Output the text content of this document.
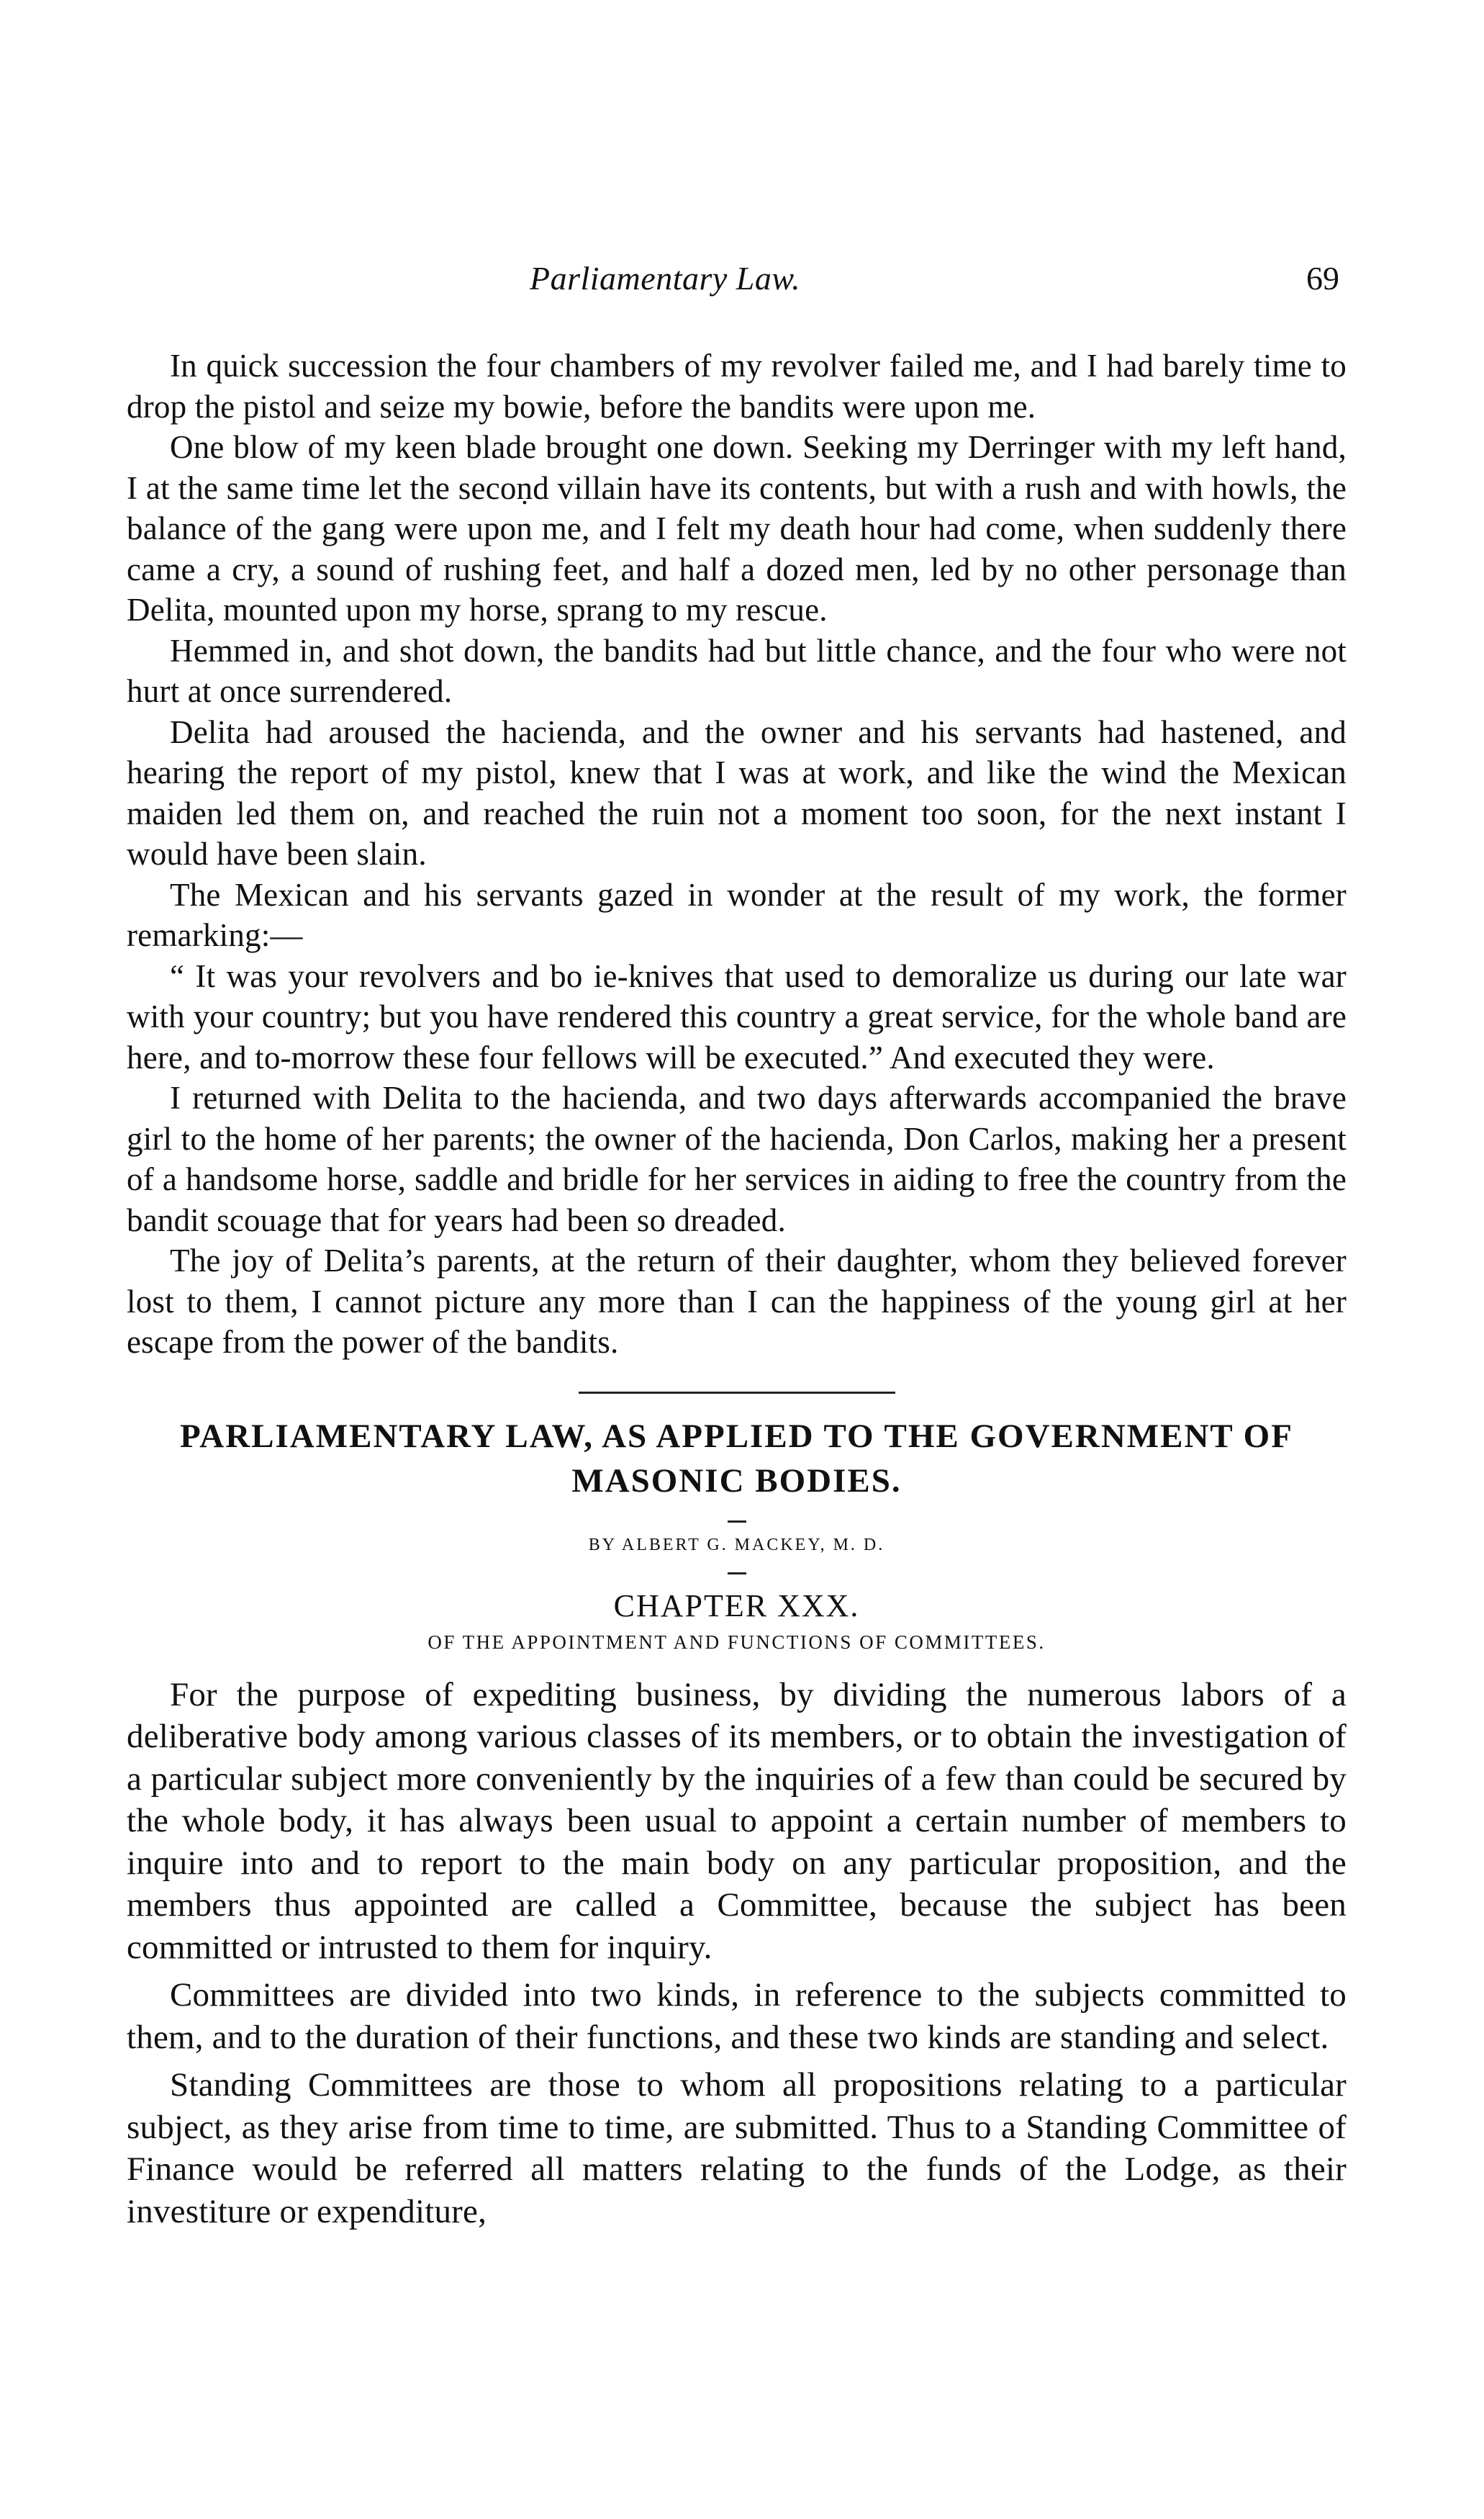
Parliamentary Law.	69

In quick succession the four chambers of my revolver failed me, and I had barely time to drop the pistol and seize my bowie, before the bandits were upon me.

One blow of my keen blade brought one down. Seeking my Derringer with my left hand, I at the same time let the secoṇd villain have its contents, but with a rush and with howls, the balance of the gang were upon me, and I felt my death hour had come, when suddenly there came a cry, a sound of rushing feet, and half a dozed men, led by no other personage than Delita, mounted upon my horse, sprang to my rescue.

Hemmed in, and shot down, the bandits had but little chance, and the four who were not hurt at once surrendered.

Delita had aroused the hacienda, and the owner and his servants had hastened, and hearing the report of my pistol, knew that I was at work, and like the wind the Mexican maiden led them on, and reached the ruin not a moment too soon, for the next instant I would have been slain.

The Mexican and his servants gazed in wonder at the result of my work, the former remarking:—

“ It was your revolvers and bo ie-knives that used to demoralize us during our late war with your country; but you have rendered this country a great service, for the whole band are here, and to-morrow these four fellows will be executed.” And executed they were.

I returned with Delita to the hacienda, and two days afterwards accompanied the brave girl to the home of her parents; the owner of the hacienda, Don Carlos, making her a present of a handsome horse, saddle and bridle for her services in aiding to free the country from the bandit scouage that for years had been so dreaded.

The joy of Delita’s parents, at the return of their daughter, whom they believed forever lost to them, I cannot picture any more than I can the happiness of the young girl at her escape from the power of the bandits.

PARLIAMENTARY LAW, AS APPLIED TO THE GOVERNMENT OF MASONIC BODIES.
BY ALBERT G. MACKEY, M. D.
CHAPTER XXX.
OF THE APPOINTMENT AND FUNCTIONS OF COMMITTEES.

For the purpose of expediting business, by dividing the numerous labors of a deliberative body among various classes of its members, or to obtain the investigation of a particular subject more conveniently by the inquiries of a few than could be secured by the whole body, it has always been usual to appoint a certain number of members to inquire into and to report to the main body on any particular proposition, and the members thus appointed are called a Committee, because the subject has been committed or intrusted to them for inquiry.

Committees are divided into two kinds, in reference to the subjects committed to them, and to the duration of their functions, and these two kinds are standing and select.

Standing Committees are those to whom all propositions relating to a particular subject, as they arise from time to time, are submitted. Thus to a Standing Committee of Finance would be referred all matters relating to the funds of the Lodge, as their investiture or expenditure,
